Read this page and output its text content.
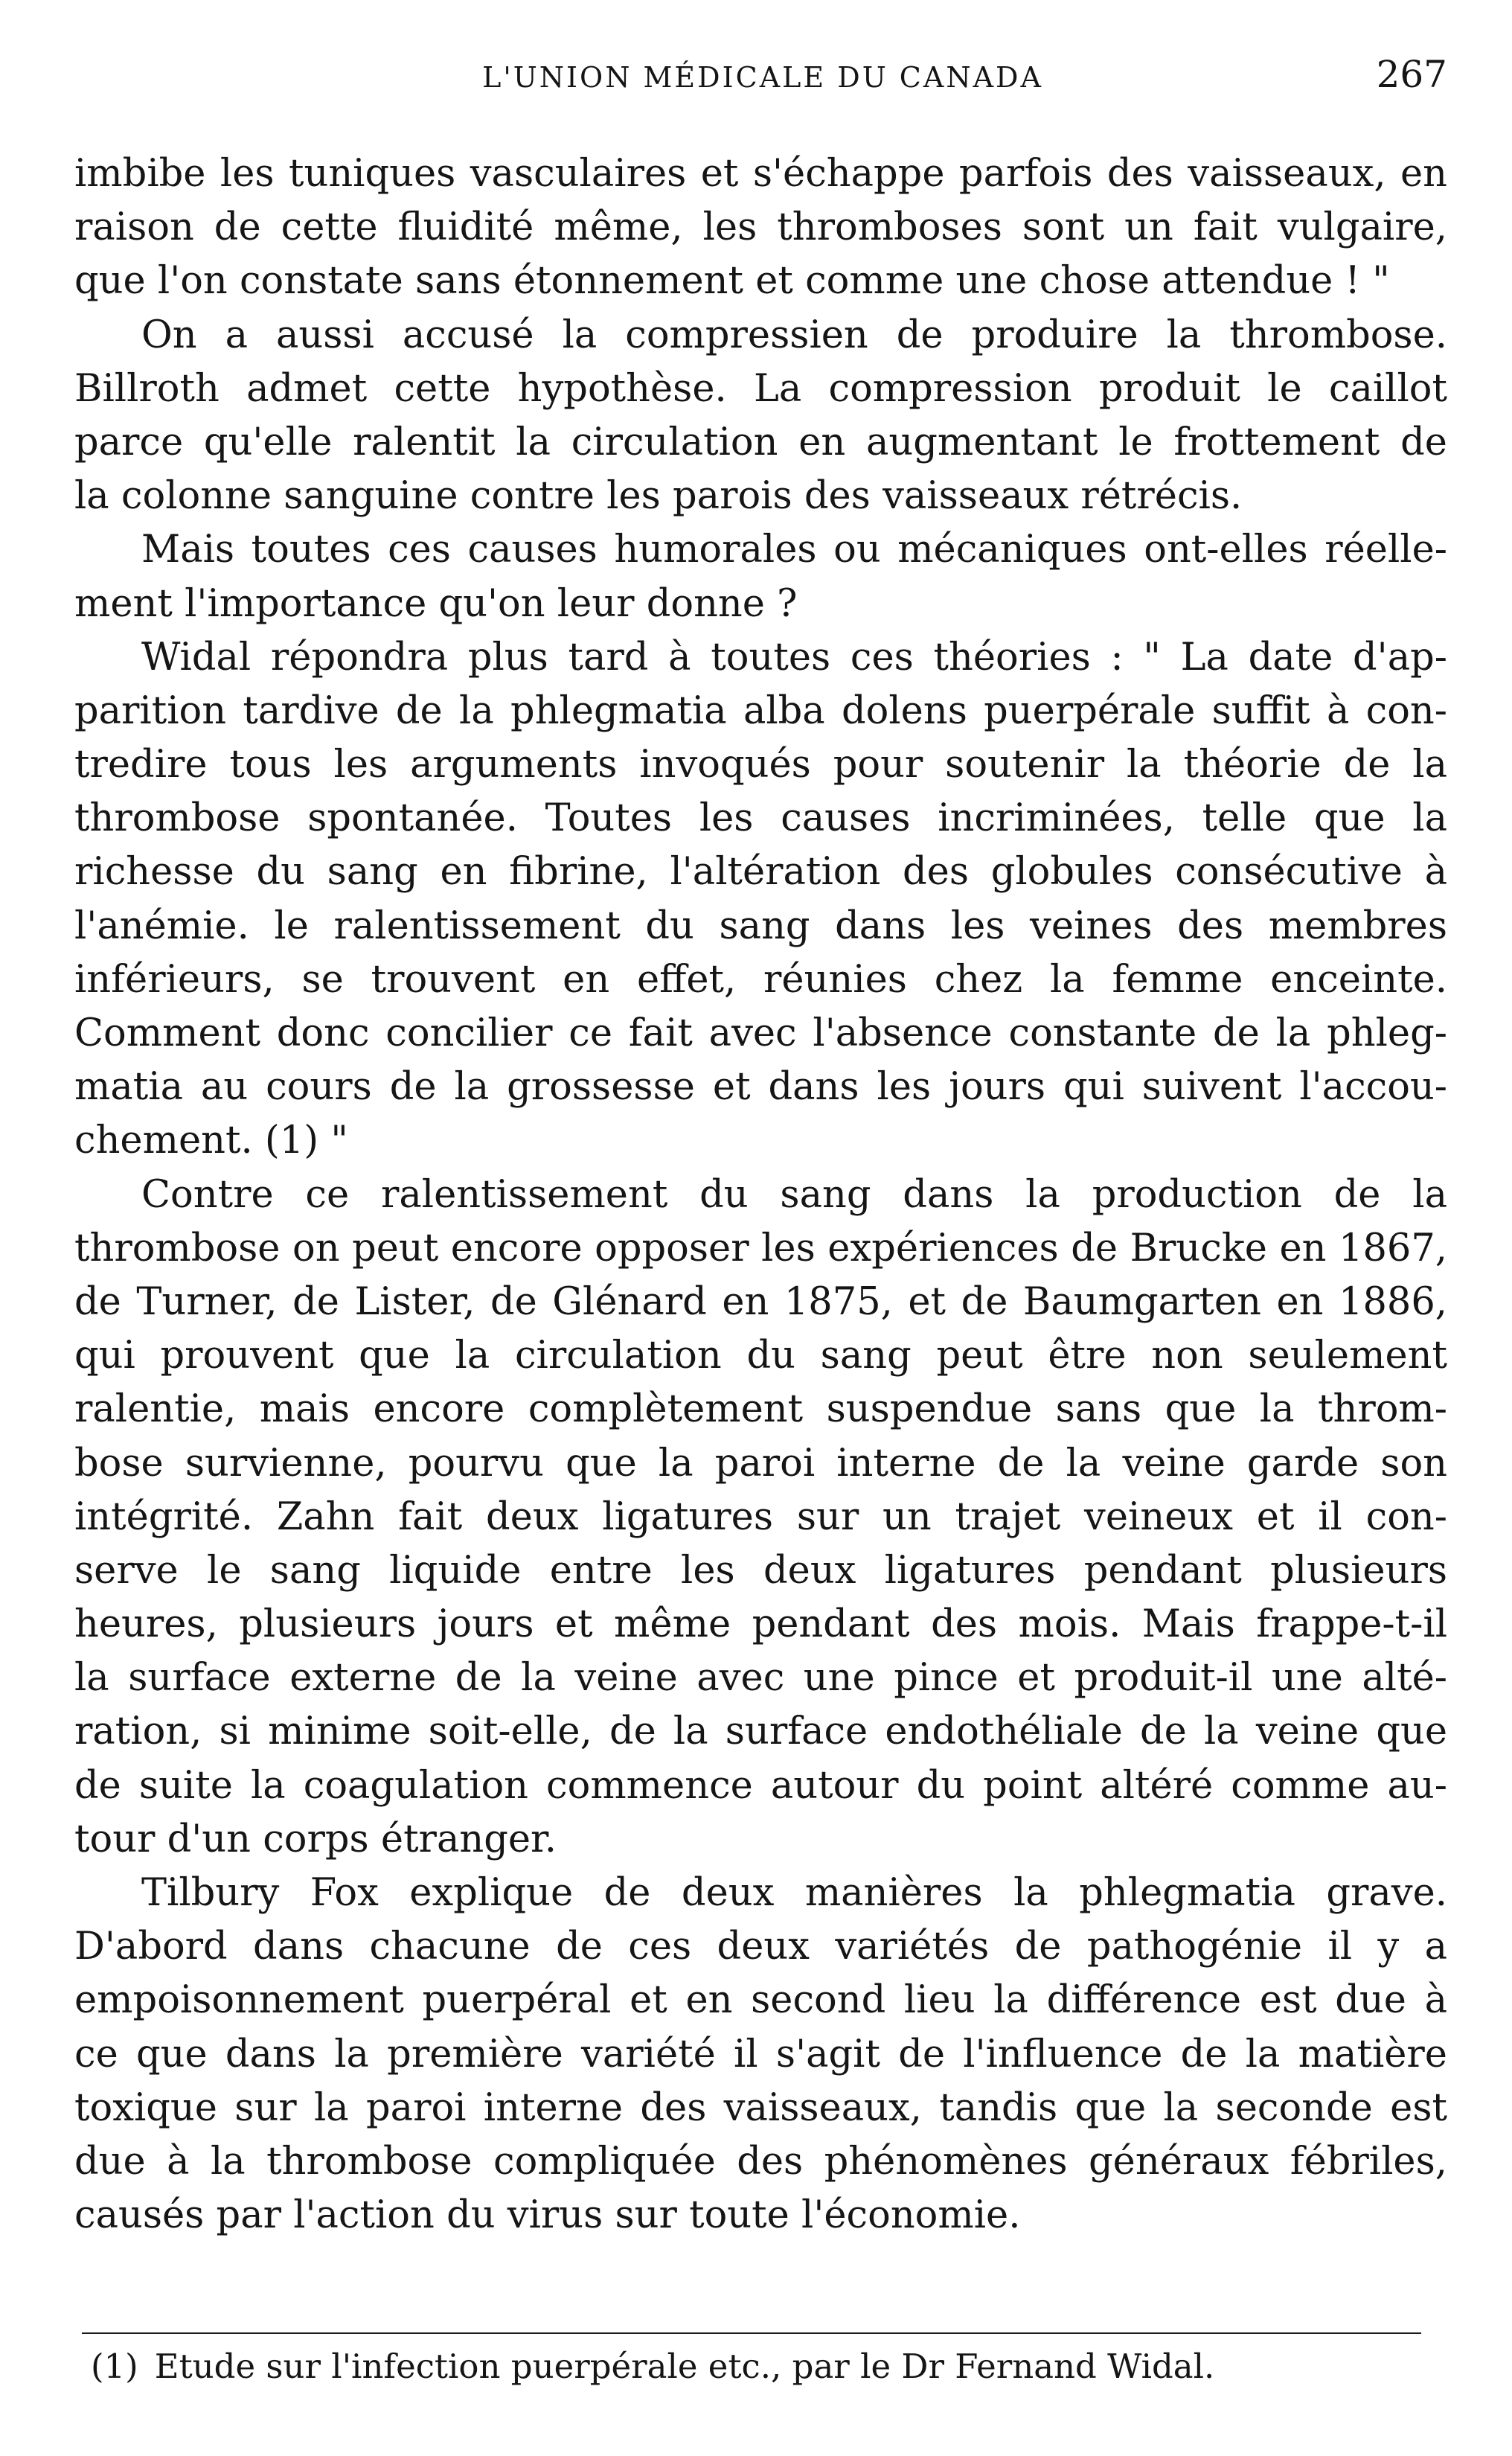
L'UNION MÉDICALE DU CANADA	267
imbibe les tuniques vasculaires et s'échappe parfois des vaisseaux, en
raison de cette fluidité même, les thromboses sont un fait vulgaire,
que l'on constate sans étonnement et comme une chose attendue ! "
On a aussi accusé la compressien de produire la thrombose.
Billroth admet cette hypothèse. La compression produit le caillot
parce qu'elle ralentit la circulation en augmentant le frottement de
la colonne sanguine contre les parois des vaisseaux rétrécis.
Mais toutes ces causes humorales ou mécaniques ont-elles réelle-
ment l'importance qu'on leur donne ?
Widal répondra plus tard à toutes ces théories : " La date d'ap-
parition tardive de la phlegmatia alba dolens puerpérale suffit à con-
tredire tous les arguments invoqués pour soutenir la théorie de la
thrombose spontanée. Toutes les causes incriminées, telle que la
richesse du sang en fibrine, l'altération des globules consécutive à
l'anémie. le ralentissement du sang dans les veines des membres
inférieurs, se trouvent en effet, réunies chez la femme enceinte.
Comment donc concilier ce fait avec l'absence constante de la phleg-
matia au cours de la grossesse et dans les jours qui suivent l'accou-
chement. (1) "
Contre ce ralentissement du sang dans la production de la
thrombose on peut encore opposer les expériences de Brucke en 1867,
de Turner, de Lister, de Glénard en 1875, et de Baumgarten en 1886,
qui prouvent que la circulation du sang peut être non seulement
ralentie, mais encore complètement suspendue sans que la throm-
bose survienne, pourvu que la paroi interne de la veine garde son
intégrité. Zahn fait deux ligatures sur un trajet veineux et il con-
serve le sang liquide entre les deux ligatures pendant plusieurs
heures, plusieurs jours et même pendant des mois. Mais frappe-t-il
la surface externe de la veine avec une pince et produit-il une alté-
ration, si minime soit-elle, de la surface endothéliale de la veine que
de suite la coagulation commence autour du point altéré comme au-
tour d'un corps étranger.
Tilbury Fox explique de deux manières la phlegmatia grave.
D'abord dans chacune de ces deux variétés de pathogénie il y a
empoisonnement puerpéral et en second lieu la différence est due à
ce que dans la première variété il s'agit de l'influence de la matière
toxique sur la paroi interne des vaisseaux, tandis que la seconde est
due à la thrombose compliquée des phénomènes généraux fébriles,
causés par l'action du virus sur toute l'économie.
(1) Etude sur l'infection puerpérale etc., par le Dr Fernand Widal.
